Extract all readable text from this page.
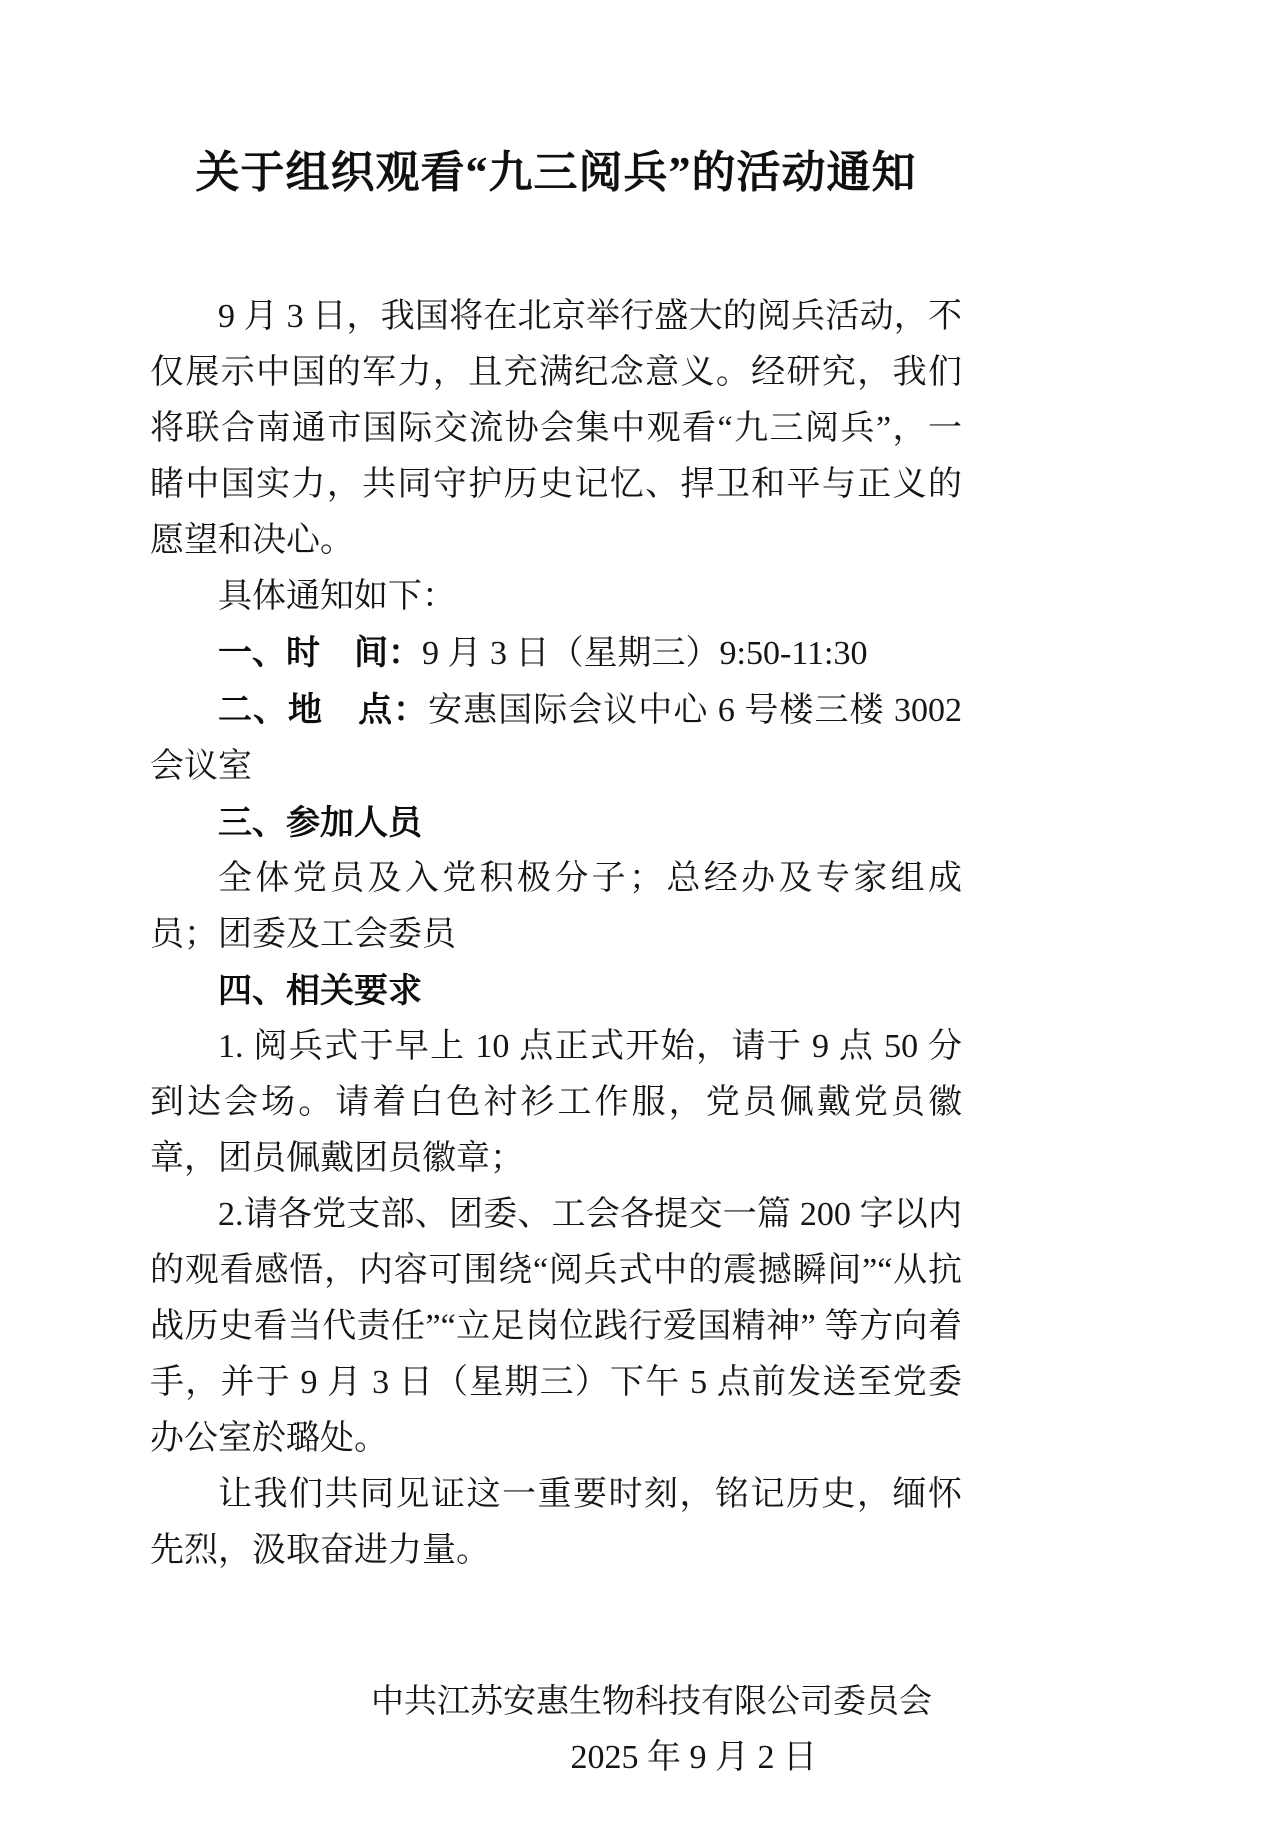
关于组织观看“九三阅兵”的活动通知

9 月 3 日，我国将在北京举行盛大的阅兵活动，不仅展示中国的军力，且充满纪念意义。经研究，我们将联合南通市国际交流协会集中观看“九三阅兵”，一睹中国实力，共同守护历史记忆、捍卫和平与正义的愿望和决心。

具体通知如下：

一、时　间：9 月 3 日（星期三）9:50-11:30

二、地　点：安惠国际会议中心 6 号楼三楼 3002 会议室

三、参加人员

全体党员及入党积极分子；总经办及专家组成员；团委及工会委员

四、相关要求

1. 阅兵式于早上 10 点正式开始，请于 9 点 50 分到达会场。请着白色衬衫工作服，党员佩戴党员徽章，团员佩戴团员徽章；

2.请各党支部、团委、工会各提交一篇 200 字以内的观看感悟，内容可围绕“阅兵式中的震撼瞬间”“从抗战历史看当代责任”“立足岗位践行爱国精神” 等方向着手，并于 9 月 3 日（星期三）下午 5 点前发送至党委办公室於璐处。

让我们共同见证这一重要时刻，铭记历史，缅怀先烈，汲取奋进力量。

中共江苏安惠生物科技有限公司委员会

2025 年 9 月 2 日
